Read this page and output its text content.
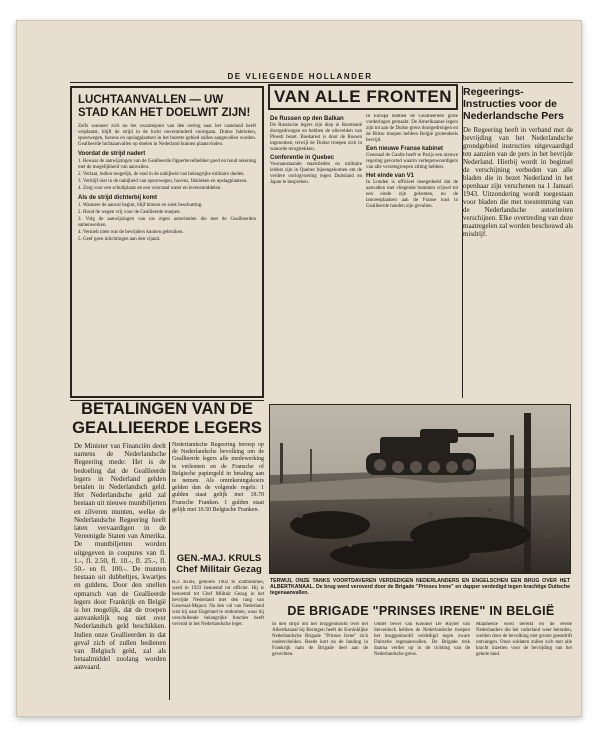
DE VLIEGENDE HOLLANDER
LUCHTAANVALLEN — UW STAD KAN HET DOELWIT ZIJN!
Zelfs wanneer zich nu het zwaartepunt van den oorlog naar het vasteland heeft verplaatst, blijft de strijd in de lucht onverminderd voortgaan. Duitse fabrieken, spoorwegen, havens en opslagplaatsen in het bezette gebied zullen aangevallen worden. Geallieerde luchtaanvallen op doelen in Nederland kunnen plaatsvinden.
Voordat de strijd nadert
1. Bewaar de aanwijzingen van de Geallieerde Opperbevelhebber goed en houd rekening met de mogelijkheid van aanvallen.
2. Verlaat, indien mogelijk, de stad in de nabijheid van belangrijke militaire doelen.
3. Verblijf niet in de nabijheid van spoorwegen, havens, fabrieken en opslagplaatsen.
4. Zorg voor een schuilplaats en een voorraad water en levensmiddelen.
Als de strijd dichterbij komt
1. Wanneer de aanval begint, blijf binnen en zoek beschutting.
2. Houd de wegen vrij voor de Geallieerde troepen.
3. Volg de aanwijzingen van uw eigen autoriteiten die met de Geallieerden samenwerken.
4. Vernielt niets wat de bevrijders kunnen gebruiken.
5. Geef geen inlichtingen aan den vijand.
VAN ALLE FRONTEN
De Russen op den Balkan
De Russische legers zijn diep in Roemenië doorgedrongen en hebben de olievelden van Ploesti bezet. Boekarest is door de Russen ingenomen, terwijl de Duitse troepen zich in wanorde terugtrekken.
Conferentie in Quebec
Vooraanstaande staatslieden en militaire leiders zijn in Quebec bijeengekomen om de verdere oorlogvoering tegen Duitsland en Japan te bespreken.
In Europa hebben de Geallieerden grote vorderingen gemaakt. De Amerikaanse legers zijn tot aan de Duitse grens doorgedrongen en de Britse troepen hebben België grotendeels bevrijd.
Een nieuwe Franse kabinet
Generaal de Gaulle heeft te Parijs een nieuwe regering gevormd waarin vertegenwoordigers van alle verzetsgroepen zitting hebben.
Het einde van V1
In Londen is officieel meegedeeld dat de aanvallen met vliegende bommen vrijwel tot een einde zijn gekomen, nu de lanceerplaatsen aan de Franse kust in Geallieerde handen zijn gevallen.
Regeerings-Instructies voor de Nederlandsche Pers
De Regeering heeft in verband met de bevrijding van het Nederlandsche grondgebied instructies uitgevaardigd ten aanzien van de pers in het bevrijde Nederland. Hierbij wordt in beginsel de verschijning verboden van alle bladen die in bezet Nederland in het openbaar zijn verschenen na 1 Januari 1943. Uitzondering wordt toegestaan voor bladen die met toestemming van de Nederlandsche autoriteiten verschijnen. Elke overtreding van deze maatregelen zal worden beschouwd als misdrijf.
BETALINGEN VAN DE GEALLIEERDE LEGERS
De Minister van Financiën deelt namens de Nederlandsche Regeering mede: Het is de bedoeling dat de Geallieerde legers in Nederland gelden betalen in Nederlandsch geld. Het Nederlandsche geld zal bestaan uit nieuwe muntbiljetten en zilveren munten, welke de Nederlandsche Regeering heeft laten vervaardigen in de Vereenigde Staten van Amerika. De muntbiljetten worden uitgegeven in coupures van fl. 1.-, fl. 2.50, fl. 10.-, fl. 25.-, fl. 50.- en fl. 100.-. De munten bestaan uit dubbeltjes, kwartjes en guldens. Door den snellen opmarsch van de Geallieerde legers door Frankrijk en België is het mogelijk, dat de troepen aanvankelijk nog niet over Nederlandsch geld beschikken. Indien onze Geallieerden in dat geval zich of zullen bedienen van Belgisch geld, zal als betaalmiddel zoolang worden aanvaard.
Nederlandsche Regeering beroep op de Nederlandsche bevolking om de Geallieerde legers alle medewerking te verleenen en de Fransche of Belgische papiergeld in betaling aan te nemen. Als omrekeningskoers gelden dan de volgende regels: 1 gulden staat gelijk met 18.70 Fransche Franken. 1 gulden staat gelijk met 16.50 Belgische Franken.
GEN.-MAJ. KRULS Chef Militair Gezag
H.J. Kruls, geboren 1902 te Zaltbommel, werd in 1923 benoemd tot officier. Hij is benoemd tot Chef Militair Gezag in het bevrijde Nederland met den rang van Generaal-Majoor. Na den val van Nederland wist hij naar Engeland te ontkomen, waar hij verschillende belangrijke functies heeft vervuld in het Nederlandsche leger.
TERWIJL ONZE TANKS VOORTDAVEREN VERDEDIGEN NEDERLANDERS EN ENGELSCHEN EEN BRUG OVER HET ALBERTKANAAL. De brug werd veroverd door de Brigade "Prinses Irene" en dapper verdedigd tegen krachtige Duitsche tegenaanvallen.
DE BRIGADE "PRINSES IRENE" IN BELGIË
In den strijd om het bruggenhoofd over het Albertkanaal bij Beringen heeft de Koninklijke Nederlandsche Brigade "Prinses Irene" zich onderscheiden. Reeds kort na de landing in Frankrijk nam de Brigade deel aan de gevechten.
Onder bevel van Kolonel De Ruyter van Steveninck hebben de Nederlandsche troepen het bruggenhoofd verdedigd tegen zware Duitsche tegenaanvallen. De Brigade trok daarna verder op in de richting van de Nederlandsche grens.
Maarheeze werd bereikt en de eerste Nederlanders die het vaderland weer betraden, werden door de bevolking met groote geestdrift ontvangen. Onze soldaten zullen zich met alle kracht inzetten voor de bevrijding van het gehele land.
